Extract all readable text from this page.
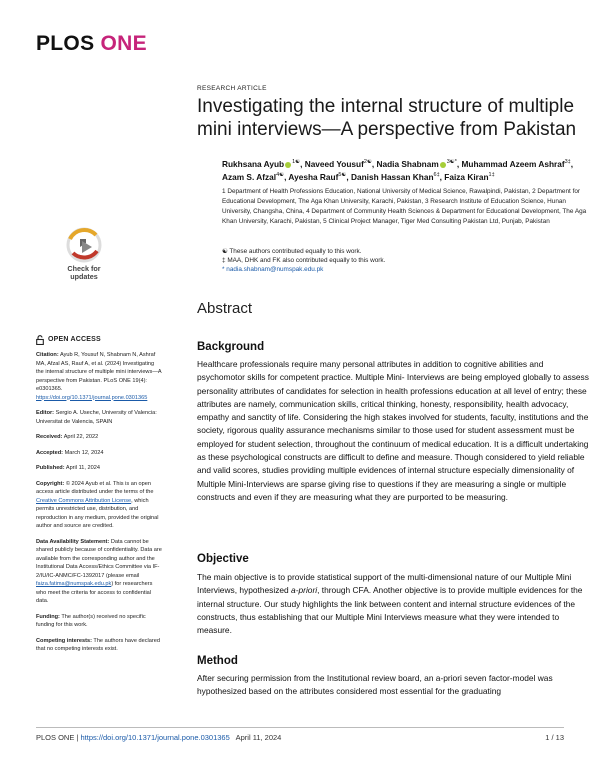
PLOS ONE
RESEARCH ARTICLE
Investigating the internal structure of multiple mini interviews—A perspective from Pakistan
Rukhsana Ayub $^{1☯}$, Naveed Yousuf$^{2☯}$, Nadia Shabnam $^{3☯*}$, Muhammad Azeem Ashraf$^{3\ddagger}$, Azam S. Afzal$^{4☯}$, Ayesha Rauf$^{5☯}$, Danish Hassan Khan$^{6\ddagger}$, Faiza Kiran$^{1\ddagger}$
1 Department of Health Professions Education, National University of Medical Science, Rawalpindi, Pakistan, 2 Department for Educational Development, The Aga Khan University, Karachi, Pakistan, 3 Research Institute of Education Science, Hunan University, Changsha, China, 4 Department of Community Health Sciences & Department for Educational Development, The Aga Khan University, Karachi, Pakistan, 5 Clinical Project Manager, Tiger Med Consulting Pakistan Ltd, Punjab, Pakistan
☯ These authors contributed equally to this work.
‡ MAA, DHK and FK also contributed equally to this work.
* nadia.shabnam@numspak.edu.pk
Check for
updates
OPEN ACCESS

Citation: Ayub R, Yousuf N, Shabnam N, Ashraf MA, Afzal AS, Rauf A, et al. (2024) Investigating the internal structure of multiple mini interviews—A perspective from Pakistan. PLoS ONE 19(4): e0301365. https://doi.org/10.1371/journal.pone.0301365

Editor: Sergio A. Useche, University of Valencia: Universitat de Valencia, SPAIN

Received: April 22, 2022

Accepted: March 12, 2024

Published: April 11, 2024

Copyright: © 2024 Ayub et al. This is an open access article distributed under the terms of the Creative Commons Attribution License, which permits unrestricted use, distribution, and reproduction in any medium, provided the original author and source are credited.

Data Availability Statement: Data cannot be shared publicly because of confidentiality. Data are available from the corresponding author and the Institutional Data Access/Ethics Committee via IF-2/IU/IC-ANMC/FC-1392017 (please email faiza.fatima@numspak.edu.pk) for researchers who meet the criteria for access to confidential data.

Funding: The author(s) received no specific funding for this work.

Competing interests: The authors have declared that no competing interests exist.

Abstract
Background
Healthcare professionals require many personal attributes in addition to cognitive abilities and psychomotor skills for competent practice. Multiple Mini- Interviews are being employed globally to assess personality attributes of candidates for selection in health professions education at all level of entry; these attributes are namely, communication skills, critical thinking, honesty, responsibility, health advocacy, empathy and sanctity of life. Considering the high stakes involved for students, faculty, institutions and the society, rigorous quality assurance mechanisms similar to those used for student assessment must be employed for student selection, throughout the continuum of medical education. It is a difficult undertaking as these psychological constructs are difficult to define and measure. Though considered to yield reliable and valid scores, studies providing multiple evidences of internal structure especially dimensionality of Multiple Mini-Interviews are sparse giving rise to questions if they are measuring a single or multiple constructs and even if they are measuring what they are purported to be measuring.
Objective
The main objective is to provide statistical support of the multi-dimensional nature of our Multiple Mini Interviews, hypothesized a-priori, through CFA. Another objective is to provide multiple evidences for the internal structure. Our study highlights the link between content and internal structure evidences of the constructs, thus establishing that our Multiple Mini Interviews measure what they were intended to measure.
Method
After securing permission from the Institutional review board, an a-priori seven factor-model was hypothesized based on the attributes considered most essential for the graduating
PLOS ONE | https://doi.org/10.1371/journal.pone.0301365 April 11, 2024	1 / 13
